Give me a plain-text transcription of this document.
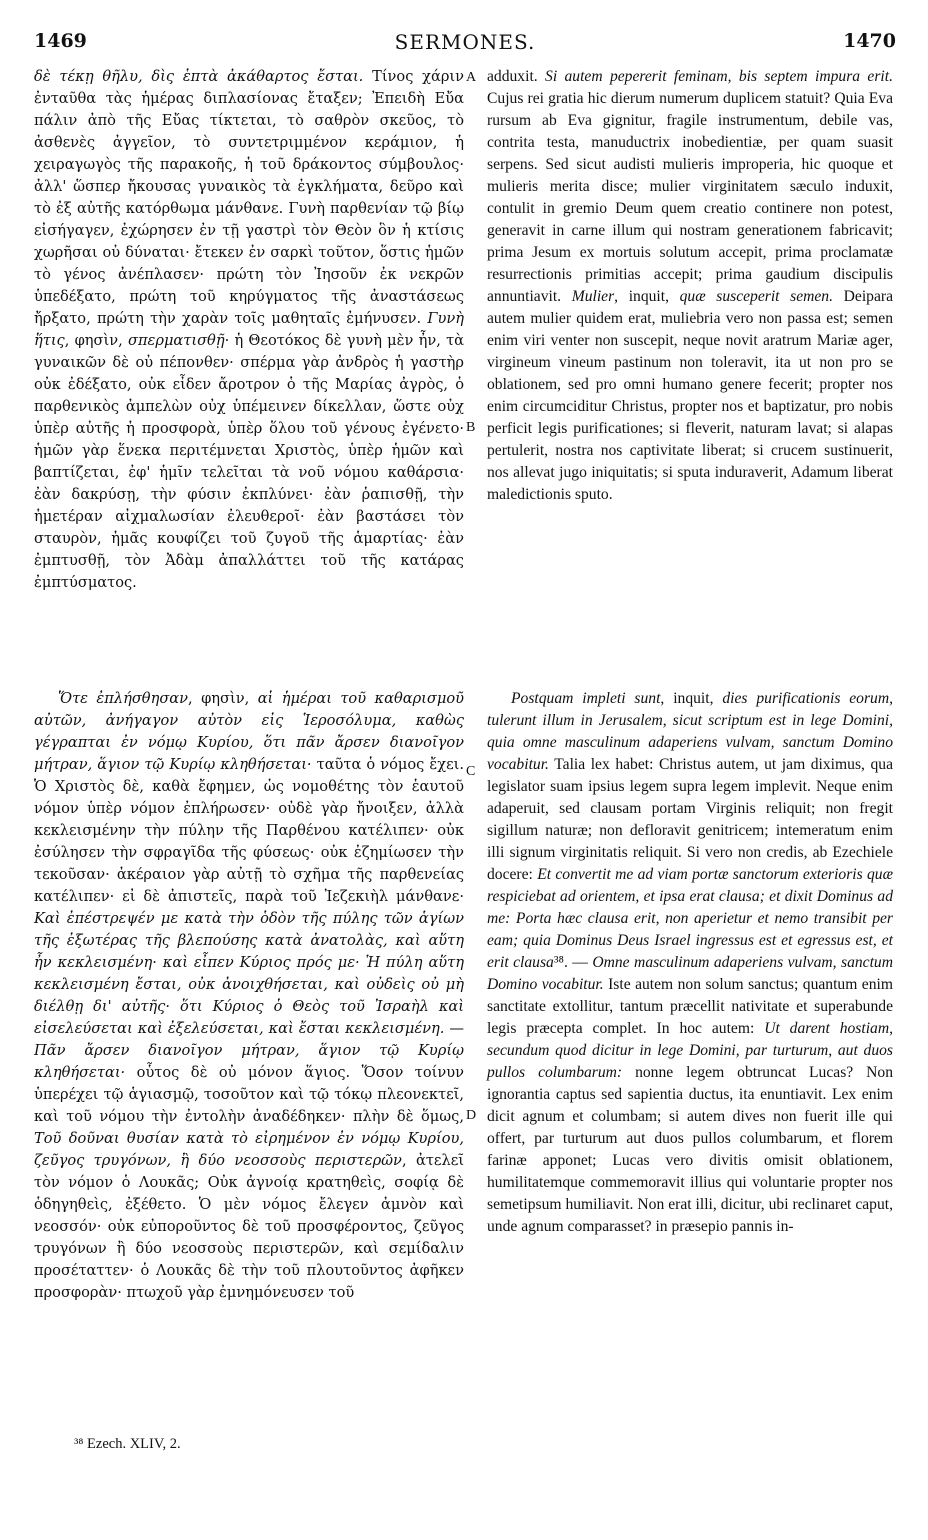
1469	SERMONES.	1470

δὲ τέκῃ θῆλυ, δὶς ἑπτὰ ἀκάθαρτος ἔσται. Τίνος χάριν ἐνταῦθα τὰς ἡμέρας διπλασίονας ἔταξεν; Ἐπειδὴ Εὔα πάλιν ἀπὸ τῆς Εὔας τίκτεται, τὸ σαθρὸν σκεῦος, τὸ ἀσθενὲς ἀγγεῖον, τὸ συντετριμμένον κεράμιον, ἡ χειραγωγὸς τῆς παρακοῆς, ἡ τοῦ δράκοντος σύμβουλος· ἀλλ' ὥσπερ ἤκουσας γυναικὸς τὰ ἐγκλήματα, δεῦρο καὶ τὸ ἐξ αὐτῆς κατόρθωμα μάνθανε. Γυνὴ παρθενίαν τῷ βίῳ εἰσήγαγεν, ἐχώρησεν ἐν τῇ γαστρὶ τὸν Θεὸν ὃν ἡ κτίσις χωρῆσαι οὐ δύναται· ἔτεκεν ἐν σαρκὶ τοῦτον, ὅστις ἡμῶν τὸ γένος ἀνέπλασεν· πρώτη τὸν Ἰησοῦν ἐκ νεκρῶν ὑπεδέξατο, πρώτη τοῦ κηρύγματος τῆς ἀναστάσεως ἤρξατο, πρώτη τὴν χαρὰν τοῖς μαθηταῖς ἐμήνυσεν. Γυνὴ ἥτις, φησὶν, σπερματισθῇ· ἡ Θεοτόκος δὲ γυνὴ μὲν ἦν, τὰ γυναικῶν δὲ οὐ πέπονθεν· σπέρμα γὰρ ἀνδρὸς ἡ γαστὴρ οὐκ ἐδέξατο, οὐκ εἶδεν ἄροτρον ὁ τῆς Μαρίας ἀγρὸς, ὁ παρθενικὸς ἀμπελὼν οὐχ ὑπέμεινεν δίκελλαν, ὥστε οὐχ ὑπὲρ αὐτῆς ἡ προσφορὰ, ὑπὲρ ὅλου τοῦ γένους ἐγένετο· ἡμῶν γὰρ ἕνεκα περιτέμνεται Χριστὸς, ὑπὲρ ἡμῶν καὶ βαπτίζεται, ἐφ' ἡμῖν τελεῖται τὰ νοῦ νόμου καθάρσια· ἐὰν δακρύσῃ, τὴν φύσιν ἐκπλύνει· ἐὰν ῥαπισθῇ, τὴν ἡμετέραν αἰχμαλωσίαν ἐλευθεροῖ· ἐὰν βαστάσει τὸν σταυρὸν, ἡμᾶς κουφίζει τοῦ ζυγοῦ τῆς ἁμαρτίας· ἐὰν ἐμπτυσθῇ, τὸν Ἀδὰμ ἀπαλλάττει τοῦ τῆς κατάρας ἐμπτύσματος.

Ὅτε ἐπλήσθησαν, φησὶν, αἱ ἡμέραι τοῦ καθαρισμοῦ αὐτῶν, ἀνήγαγον αὐτὸν εἰς Ἱεροσόλυμα, καθὼς γέγραπται ἐν νόμῳ Κυρίου, ὅτι πᾶν ἄρσεν διανοῖγον μήτραν, ἅγιον τῷ Κυρίῳ κληθήσεται· ταῦτα ὁ νόμος ἔχει. Ὁ Χριστὸς δὲ, καθὰ ἔφημεν, ὡς νομοθέτης τὸν ἑαυτοῦ νόμον ὑπὲρ νόμον ἐπλήρωσεν· οὐδὲ γὰρ ἤνοιξεν, ἀλλὰ κεκλεισμένην τὴν πύλην τῆς Παρθένου κατέλιπεν· οὐκ ἐσύλησεν τὴν σφραγῖδα τῆς φύσεως· οὐκ ἐζημίωσεν τὴν τεκοῦσαν· ἀκέραιον γὰρ αὐτῇ τὸ σχῆμα τῆς παρθενείας κατέλιπεν· εἰ δὲ ἀπιστεῖς, παρὰ τοῦ Ἰεζεκιὴλ μάνθανε· Καὶ ἐπέστρεψέν με κατὰ τὴν ὁδὸν τῆς πύλης τῶν ἁγίων τῆς ἐξωτέρας τῆς βλεπούσης κατὰ ἀνατολὰς, καὶ αὕτη ἦν κεκλεισμένη· καὶ εἶπεν Κύριος πρός με· Ἡ πύλη αὕτη κεκλεισμένη ἔσται, οὐκ ἀνοιχθήσεται, καὶ οὐδεὶς οὐ μὴ διέλθῃ δι' αὐτῆς· ὅτι Κύριος ὁ Θεὸς τοῦ Ἰσραὴλ καὶ εἰσελεύσεται καὶ ἐξελεύσεται, καὶ ἔσται κεκλεισμένη. — Πᾶν ἄρσεν διανοῖγον μήτραν, ἅγιον τῷ Κυρίῳ κληθήσεται· οὗτος δὲ οὐ μόνον ἅγιος. Ὅσον τοίνυν ὑπερέχει τῷ ἁγιασμῷ, τοσοῦτον καὶ τῷ τόκῳ πλεονεκτεῖ, καὶ τοῦ νόμου τὴν ἐντολὴν ἀναδέδηκεν· πλὴν δὲ ὅμως, Τοῦ δοῦναι θυσίαν κατὰ τὸ εἰρημένον ἐν νόμῳ Κυρίου, ζεῦγος τρυγόνων, ἢ δύο νεοσσοὺς περιστερῶν, ἀτελεῖ τὸν νόμον ὁ Λουκᾶς; Οὐκ ἀγνοίᾳ κρατηθεὶς, σοφίᾳ δὲ ὁδηγηθεὶς, ἐξέθετο. Ὁ μὲν νόμος ἔλεγεν ἀμνὸν καὶ νεοσσόν· οὐκ εὐποροῦντος δὲ τοῦ προσφέροντος, ζεῦγος τρυγόνων ἢ δύο νεοσσοὺς περιστερῶν, καὶ σεμίδαλιν προσέταττεν· ὁ Λουκᾶς δὲ τὴν τοῦ πλουτοῦντος ἀφῆκεν προσφορὰν· πτωχοῦ γὰρ ἐμνημόνευσεν τοῦ

adduxit. Si autem pepererit feminam, bis septem impura erit. Cujus rei gratia hic dierum numerum duplicem statuit? Quia Eva rursum ab Eva gignitur, fragile instrumentum, debile vas, contrita testa, manuductrix inobedientiæ, per quam suasit serpens. Sed sicut audisti mulieris improperia, hic quoque et mulieris merita disce; mulier virginitatem sæculo induxit, contulit in gremio Deum quem creatio continere non potest, generavit in carne illum qui nostram generationem fabricavit; prima Jesum ex mortuis solutum accepit, prima proclamatæ resurrectionis primitias accepit; prima gaudium discipulis annuntiavit. Mulier, inquit, quæ susceperit semen. Deipara autem mulier quidem erat, muliebria vero non passa est; semen enim viri venter non suscepit, neque novit aratrum Mariæ ager, virgineum vineum pastinum non toleravit, ita ut non pro se oblationem, sed pro omni humano genere fecerit; propter nos enim circumciditur Christus, propter nos et baptizatur, pro nobis perficit legis purificationes; si fleverit, naturam lavat; si alapas pertulerit, nostra nos captivitate liberat; si crucem sustinuerit, nos allevat jugo iniquitatis; si sputa induraverit, Adamum liberat maledictionis sputo.

Postquam impleti sunt, inquit, dies purificationis eorum, tulerunt illum in Jerusalem, sicut scriptum est in lege Domini, quia omne masculinum adaperiens vulvam, sanctum Domino vocabitur. Talia lex habet: Christus autem, ut jam diximus, qua legislator suam ipsius legem supra legem implevit. Neque enim adaperuit, sed clausam portam Virginis reliquit; non fregit sigillum naturæ; non defloravit genitricem; intemeratum enim illi signum virginitatis reliquit. Si vero non credis, ab Ezechiele docere: Et convertit me ad viam portæ sanctorum exterioris quæ respiciebat ad orientem, et ipsa erat clausa; et dixit Dominus ad me: Porta hæc clausa erit, non aperietur et nemo transibit per eam; quia Dominus Deus Israel ingressus est et egressus est, et erit clausa³⁸. — Omne masculinum adaperiens vulvam, sanctum Domino vocabitur. Iste autem non solum sanctus; quantum enim sanctitate extollitur, tantum præcellit nativitate et superabunde legis præcepta complet. In hoc autem: Ut darent hostiam, secundum quod dicitur in lege Domini, par turturum, aut duos pullos columbarum: nonne legem obtruncat Lucas? Non ignorantia captus sed sapientia ductus, ita enuntiavit. Lex enim dicit agnum et columbam; si autem dives non fuerit ille qui offert, par turturum aut duos pullos columbarum, et florem farinæ apponet; Lucas vero divitis omisit oblationem, humilitatemque commemoravit illius qui voluntarie propter nos semetipsum humiliavit. Non erat illi, dicitur, ubi reclinaret caput, unde agnum comparasset? in præsepio pannis in-

A
B
C
D
³⁸ Ezech. XLIV, 2.
